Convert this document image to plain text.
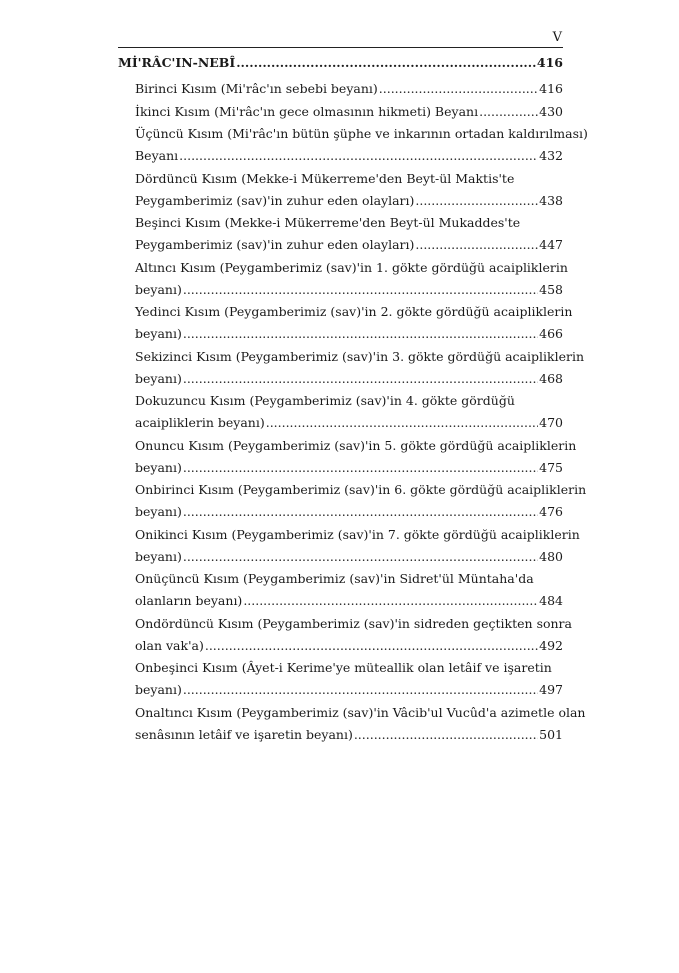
V
Mİ'RÂC'IN-NEBÎ .....	416
Birinci Kısım (Mi'râc'ın sebebi beyanı) .....	416
İkinci Kısım (Mi'râc'ın gece olmasının hikmeti) Beyanı .....	430
Üçüncü Kısım (Mi'râc'ın bütün şüphe ve inkarının ortadan kaldırılması)
Beyanı .....	432
Dördüncü Kısım (Mekke-i Mükerreme'den Beyt-ül Maktis'te
Peygamberimiz (sav)'in zuhur eden olayları) .....	438
Beşinci Kısım (Mekke-i Mükerreme'den Beyt-ül Mukaddes'te
Peygamberimiz (sav)'in zuhur eden olayları) .....	447
Altıncı Kısım (Peygamberimiz (sav)'in 1. gökte gördüğü acaipliklerin
beyanı) .....	458
Yedinci Kısım (Peygamberimiz (sav)'in 2. gökte gördüğü acaipliklerin
beyanı) .....	466
Sekizinci Kısım (Peygamberimiz (sav)'in 3. gökte gördüğü acaipliklerin
beyanı) .....	468
Dokuzuncu Kısım (Peygamberimiz (sav)'in 4. gökte gördüğü
acaipliklerin beyanı) .....	470
Onuncu Kısım (Peygamberimiz (sav)'in 5. gökte gördüğü acaipliklerin
beyanı) .....	475
Onbirinci Kısım (Peygamberimiz (sav)'in 6. gökte gördüğü acaipliklerin
beyanı) .....	476
Onikinci Kısım (Peygamberimiz (sav)'in 7. gökte gördüğü acaipliklerin
beyanı) .....	480
Onüçüncü Kısım (Peygamberimiz (sav)'in Sidret'ül Müntaha'da
olanların beyanı) .....	484
Ondördüncü Kısım (Peygamberimiz (sav)'in sidreden geçtikten sonra
olan vak'a) .....	492
Onbeşinci Kısım (Âyet-i Kerime'ye müteallik olan letâif ve işaretin
beyanı) .....	497
Onaltıncı Kısım (Peygamberimiz (sav)'in Vâcib'ul Vucûd'a azimetle olan
senâsının letâif ve işaretin beyanı) .....	501
